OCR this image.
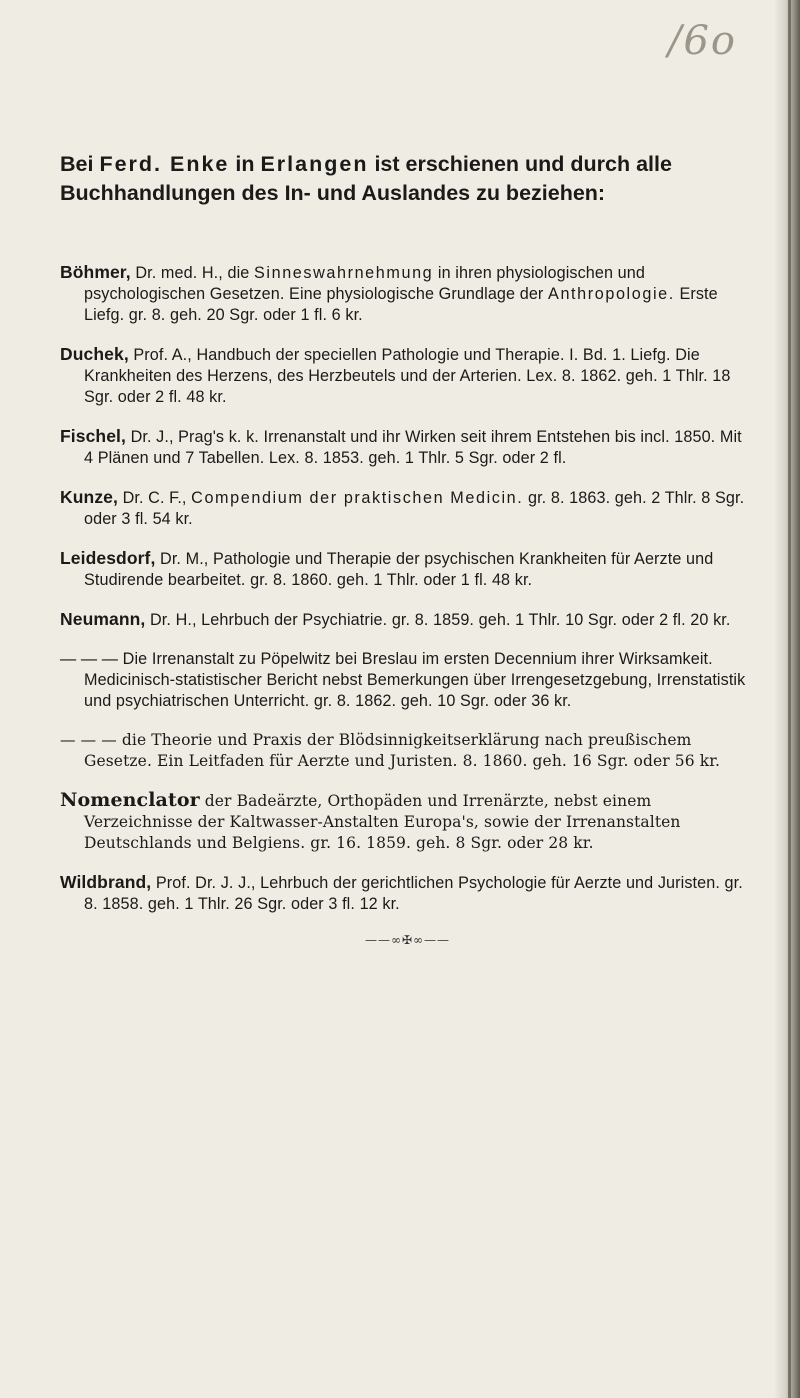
/6o
Bei Ferd. Enke in Erlangen ist erschienen und durch alle Buchhandlungen des In- und Auslandes zu beziehen:

Böhmer, Dr. med. H., die Sinneswahrnehmung in ihren physiologischen und psychologischen Gesetzen. Eine physiologische Grundlage der Anthropologie. Erste Liefg. gr. 8. geh. 20 Sgr. oder 1 fl. 6 kr.

Duchek, Prof. A., Handbuch der speciellen Pathologie und Therapie. I. Bd. 1. Liefg. Die Krankheiten des Herzens, des Herzbeutels und der Arterien. Lex. 8. 1862. geh. 1 Thlr. 18 Sgr. oder 2 fl. 48 kr.

Fischel, Dr. J., Prag's k. k. Irrenanstalt und ihr Wirken seit ihrem Entstehen bis incl. 1850. Mit 4 Plänen und 7 Tabellen. Lex. 8. 1853. geh. 1 Thlr. 5 Sgr. oder 2 fl.

Kunze, Dr. C. F., Compendium der praktischen Medicin. gr. 8. 1863. geh. 2 Thlr. 8 Sgr. oder 3 fl. 54 kr.

Leidesdorf, Dr. M., Pathologie und Therapie der psychischen Krankheiten für Aerzte und Studirende bearbeitet. gr. 8. 1860. geh. 1 Thlr. oder 1 fl. 48 kr.

Neumann, Dr. H., Lehrbuch der Psychiatrie. gr. 8. 1859. geh. 1 Thlr. 10 Sgr. oder 2 fl. 20 kr.

— — — Die Irrenanstalt zu Pöpelwitz bei Breslau im ersten Decennium ihrer Wirksamkeit. Medicinisch-statistischer Bericht nebst Bemerkungen über Irrengesetzgebung, Irrenstatistik und psychiatrischen Unterricht. gr. 8. 1862. geh. 10 Sgr. oder 36 kr.

— — — die Theorie und Praxis der Blödsinnigkeitserklärung nach preußischem Gesetze. Ein Leitfaden für Aerzte und Juristen. 8. 1860. geh. 16 Sgr. oder 56 kr.

Nomenclator der Badeärzte, Orthopäden und Irrenärzte, nebst einem Verzeichnisse der Kaltwasser-Anstalten Europa's, sowie der Irrenanstalten Deutschlands und Belgiens. gr. 16. 1859. geh. 8 Sgr. oder 28 kr.

Wildbrand, Prof. Dr. J. J., Lehrbuch der gerichtlichen Psychologie für Aerzte und Juristen. gr. 8. 1858. geh. 1 Thlr. 26 Sgr. oder 3 fl. 12 kr.

——∞✠∞——
